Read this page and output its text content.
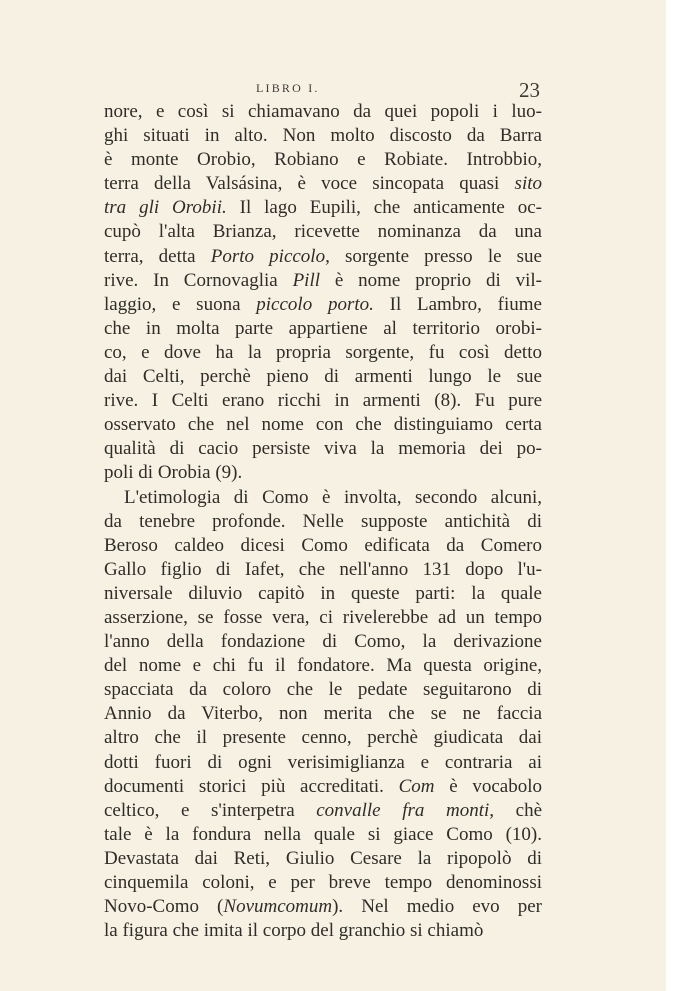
LIBRO I.	23
nore, e così si chiamavano da quei popoli i luo-
ghi situati in alto. Non molto discosto da Barra
è monte Orobio, Robiano e Robiate. Introbbio,
terra della Valsásina, è voce sincopata quasi sito
tra gli Orobii. Il lago Eupili, che anticamente oc-
cupò l'alta Brianza, ricevette nominanza da una
terra, detta Porto piccolo, sorgente presso le sue
rive. In Cornovaglia Pill è nome proprio di vil-
laggio, e suona piccolo porto. Il Lambro, fiume
che in molta parte appartiene al territorio orobi-
co, e dove ha la propria sorgente, fu così detto
dai Celti, perchè pieno di armenti lungo le sue
rive. I Celti erano ricchi in armenti (8). Fu pure
osservato che nel nome con che distinguiamo certa
qualità di cacio persiste viva la memoria dei po-
poli di Orobia (9).
L'etimologia di Como è involta, secondo alcuni,
da tenebre profonde. Nelle supposte antichità di
Beroso caldeo dicesi Como edificata da Comero
Gallo figlio di Iafet, che nell'anno 131 dopo l'u-
niversale diluvio capitò in queste parti: la quale
asserzione, se fosse vera, ci rivelerebbe ad un tempo
l'anno della fondazione di Como, la derivazione
del nome e chi fu il fondatore. Ma questa origine,
spacciata da coloro che le pedate seguitarono di
Annio da Viterbo, non merita che se ne faccia
altro che il presente cenno, perchè giudicata dai
dotti fuori di ogni verisimiglianza e contraria ai
documenti storici più accreditati. Com è vocabolo
celtico, e s'interpetra convalle fra monti, chè
tale è la fondura nella quale si giace Como (10).
Devastata dai Reti, Giulio Cesare la ripopolò di
cinquemila coloni, e per breve tempo denominossi
Novo-Como (Novumcomum). Nel medio evo per
la figura che imita il corpo del granchio si chiamò
